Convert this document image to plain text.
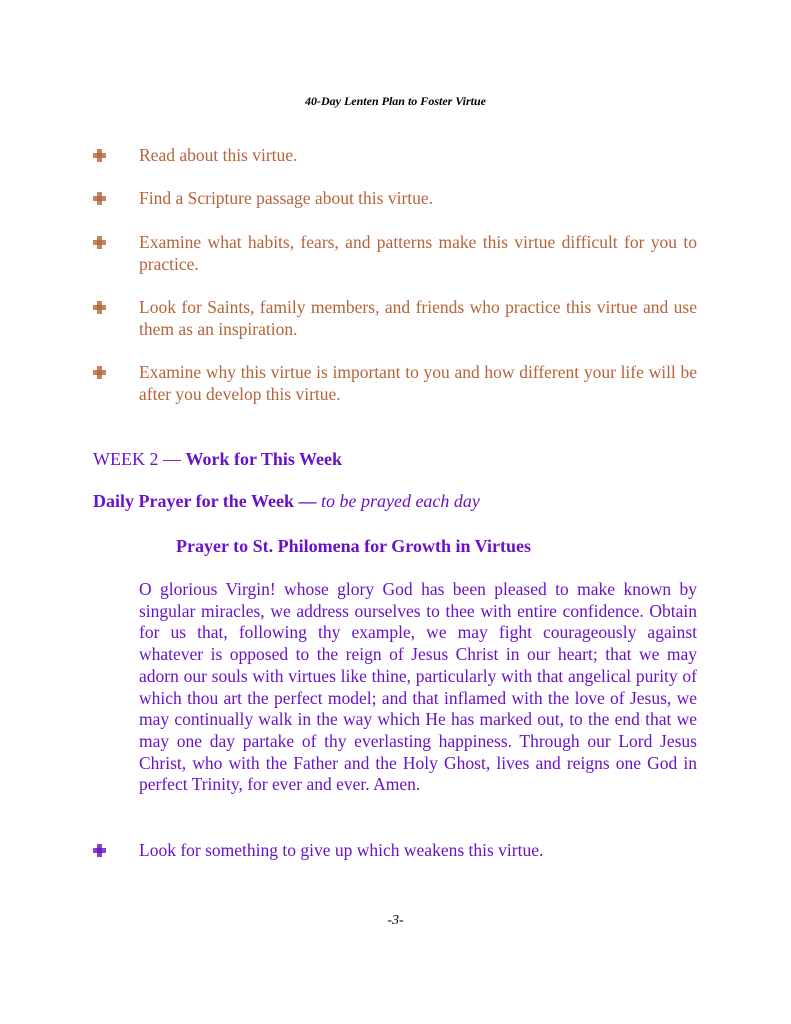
40-Day Lenten Plan to Foster Virtue
Read about this virtue.
Find a Scripture passage about this virtue.
Examine what habits, fears, and patterns make this virtue difficult for you to practice.
Look for Saints, family members, and friends who practice this virtue and use them as an inspiration.
Examine why this virtue is important to you and how different your life will be after you develop this virtue.
WEEK 2 — Work for This Week
Daily Prayer for the Week — to be prayed each day
Prayer to St. Philomena for Growth in Virtues
O glorious Virgin! whose glory God has been pleased to make known by singular miracles, we address ourselves to thee with entire confidence. Obtain for us that, following thy example, we may fight courageously against whatever is opposed to the reign of Jesus Christ in our heart; that we may adorn our souls with virtues like thine, particularly with that angelical purity of which thou art the perfect model; and that inflamed with the love of Jesus, we may continually walk in the way which He has marked out, to the end that we may one day partake of thy everlasting happiness. Through our Lord Jesus Christ, who with the Father and the Holy Ghost, lives and reigns one God in perfect Trinity, for ever and ever. Amen.
Look for something to give up which weakens this virtue.
-3-
